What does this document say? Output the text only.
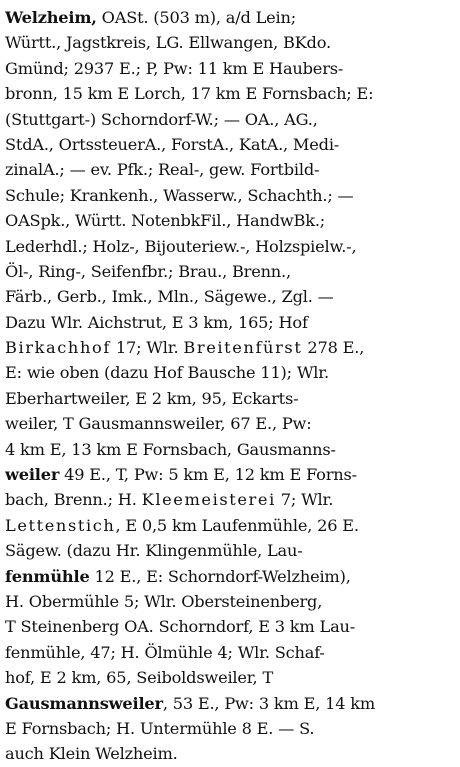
Welzheim, OASt. (503 m), a/d Lein;
Württ., Jagstkreis, LG. Ellwangen, BKdo.
Gmünd; 2937 E.; P, Pw: 11 km E Haubers-
bronn, 15 km E Lorch, 17 km E Fornsbach; E:
(Stuttgart-) Schorndorf-W.; — OA., AG.,
StdA., OrtssteuerA., ForstA., KatA., Medi-
zinalA.; — ev. Pfk.; Real-, gew. Fortbild-
Schule; Krankenh., Wasserw., Schachth.; —
OASpk., Württ. NotenbkFil., HandwBk.;
Lederhdl.; Holz-, Bijouteriew.-, Holzspielw.-,
Öl-, Ring-, Seifenfbr.; Brau., Brenn.,
Färb., Gerb., Imk., Mln., Sägewe., Zgl. —
Dazu Wlr. Aichstrut, E 3 km, 165; Hof
Birkachhof 17; Wlr. Breitenfürst 278 E.,
E: wie oben (dazu Hof Bausche 11); Wlr.
Eberhartweiler, E 2 km, 95, Eckarts-
weiler, T Gausmannsweiler, 67 E., Pw:
4 km E, 13 km E Fornsbach, Gausmanns-
weiler 49 E., T, Pw: 5 km E, 12 km E Forns-
bach, Brenn.; H. Kleemeisterei 7; Wlr.
Lettenstich, E 0,5 km Laufenmühle, 26 E.
Sägew. (dazu Hr. Klingenmühle, Lau-
fenmühle 12 E., E: Schorndorf-Welzheim),
H. Obermühle 5; Wlr. Obersteinenberg,
T Steinenberg OA. Schorndorf, E 3 km Lau-
fenmühle, 47; H. Ölmühle 4; Wlr. Schaf-
hof, E 2 km, 65, Seiboldsweiler, T
Gausmannsweiler, 53 E., Pw: 3 km E, 14 km
E Fornsbach; H. Untermühle 8 E. — S.
auch Klein Welzheim.
